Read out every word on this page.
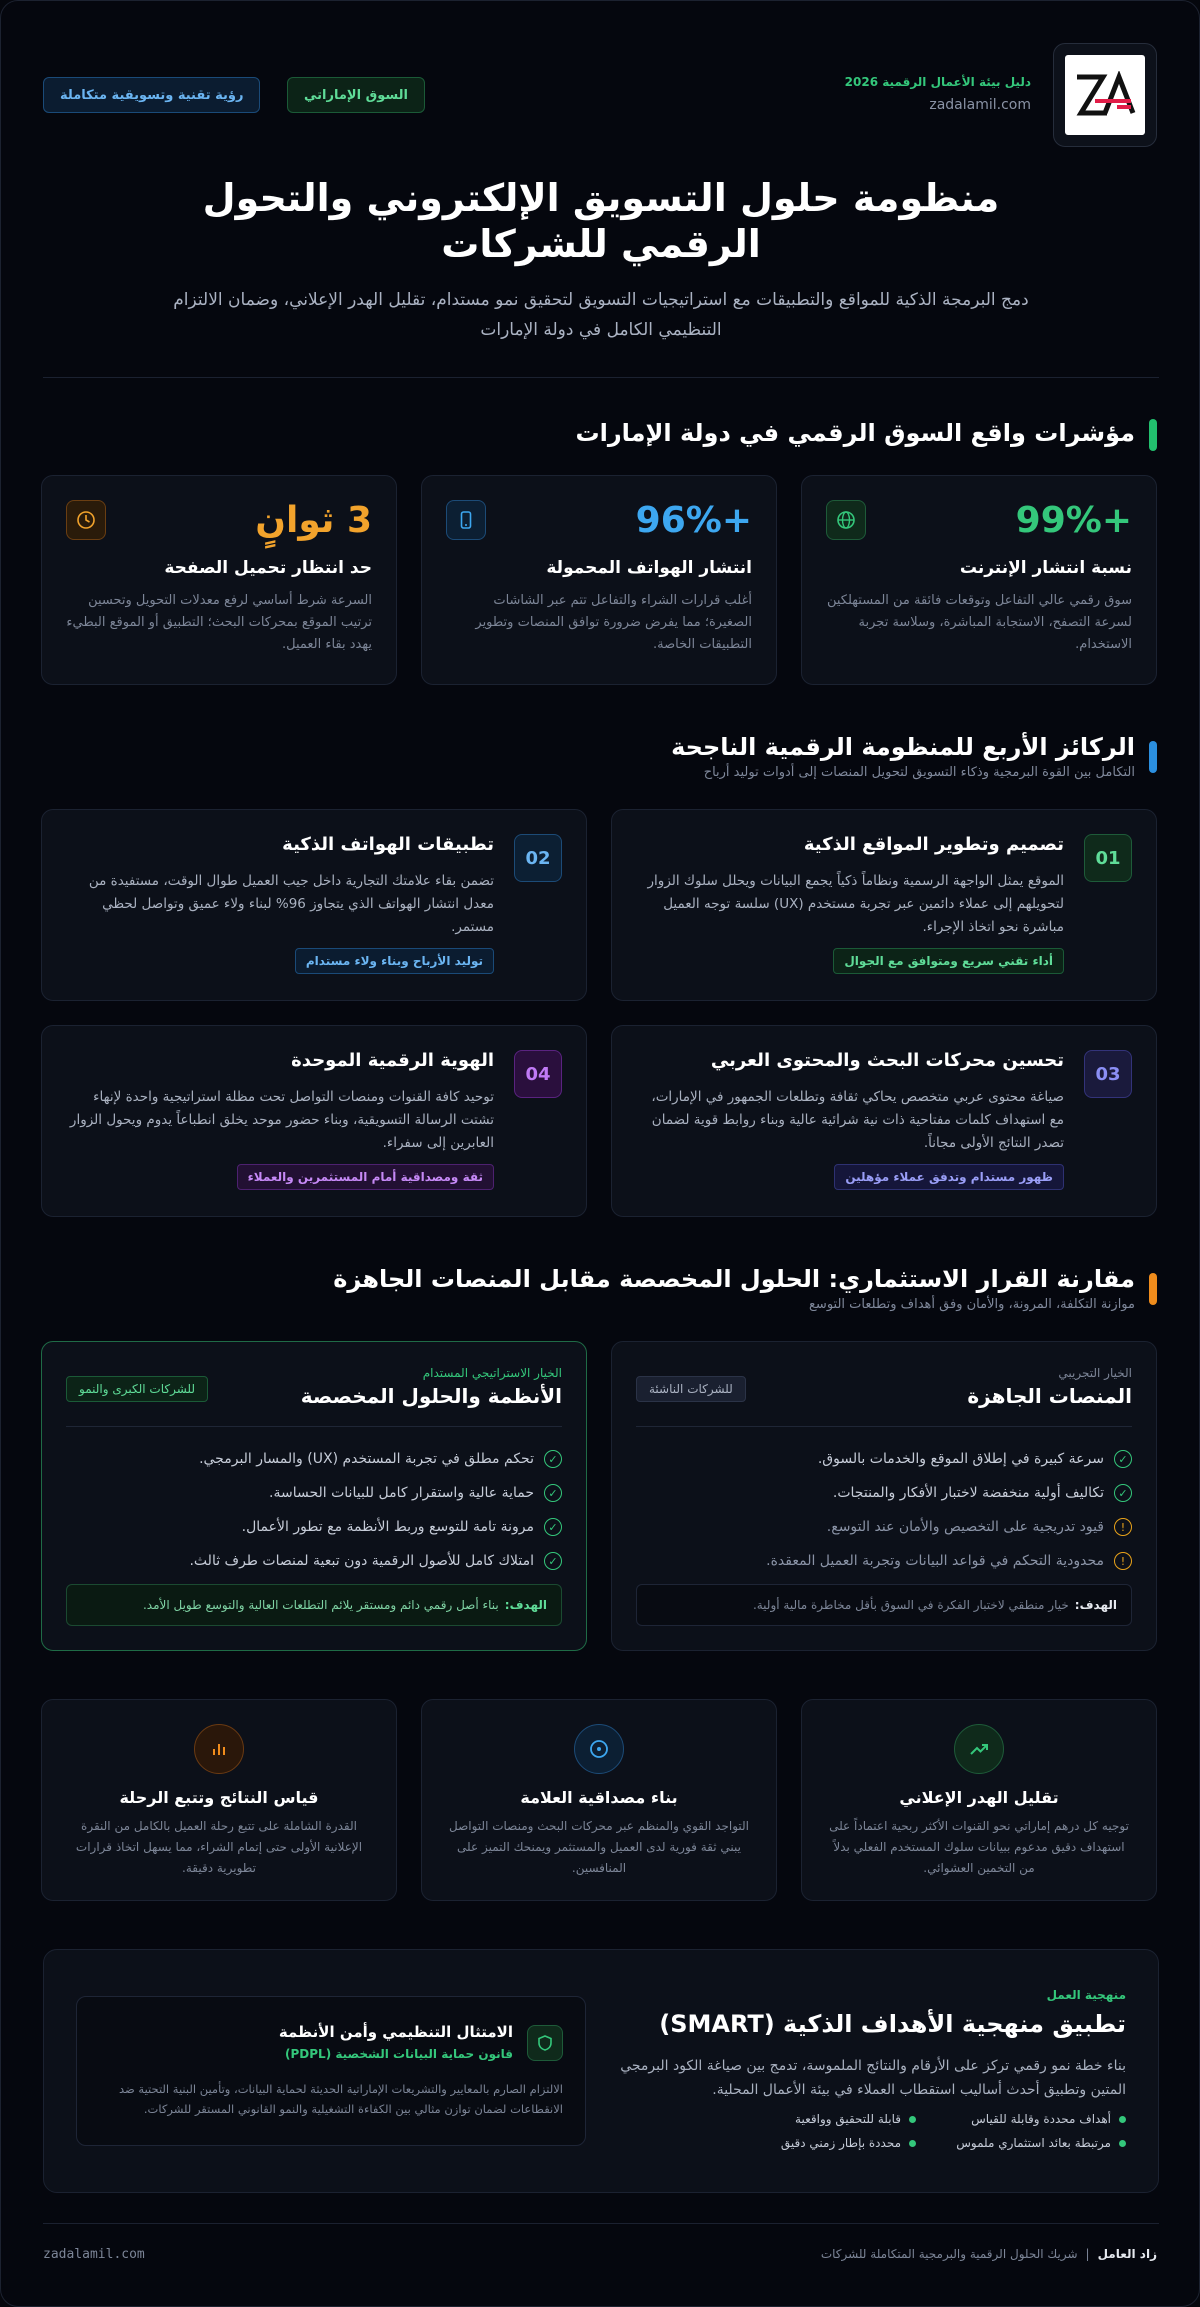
دليل بيئة الأعمال الرقمية 2026
zadalamil.com
السوق الإماراتي
رؤية تقنية وتسويقية متكاملة
منظومة حلول التسويق الإلكتروني والتحول الرقمي للشركات
دمج البرمجة الذكية للمواقع والتطبيقات مع استراتيجيات التسويق لتحقيق نمو مستدام، تقليل الهدر الإعلاني، وضمان الالتزام التنظيمي الكامل في دولة الإمارات
مؤشرات واقع السوق الرقمي في دولة الإمارات
+99%
نسبة انتشار الإنترنت
سوق رقمي عالي التفاعل وتوقعات فائقة من المستهلكين لسرعة التصفح، الاستجابة المباشرة، وسلاسة تجربة الاستخدام.
+96%
انتشار الهواتف المحمولة
أغلب قرارات الشراء والتفاعل تتم عبر الشاشات الصغيرة؛ مما يفرض ضرورة توافق المنصات وتطوير التطبيقات الخاصة.
3 ثوانٍ
حد انتظار تحميل الصفحة
السرعة شرط أساسي لرفع معدلات التحويل وتحسين ترتيب الموقع بمحركات البحث؛ التطبيق أو الموقع البطيء يهدد بقاء العميل.
الركائز الأربع للمنظومة الرقمية الناجحة
التكامل بين القوة البرمجية وذكاء التسويق لتحويل المنصات إلى أدوات توليد أرباح
01
تصميم وتطوير المواقع الذكية
الموقع يمثل الواجهة الرسمية ونظاماً ذكياً يجمع البيانات ويحلل سلوك الزوار لتحويلهم إلى عملاء دائمين عبر تجربة مستخدم (UX) سلسة توجه العميل مباشرة نحو اتخاذ الإجراء.
أداء تقني سريع ومتوافق مع الجوال
02
تطبيقات الهواتف الذكية
تضمن بقاء علامتك التجارية داخل جيب العميل طوال الوقت، مستفيدة من معدل انتشار الهواتف الذي يتجاوز 96% لبناء ولاء عميق وتواصل لحظي مستمر.
توليد الأرباح وبناء ولاء مستدام
03
تحسين محركات البحث والمحتوى العربي
صياغة محتوى عربي متخصص يحاكي ثقافة وتطلعات الجمهور في الإمارات، مع استهداف كلمات مفتاحية ذات نية شرائية عالية وبناء روابط قوية لضمان تصدر النتائج الأولى مجاناً.
ظهور مستدام وتدفق عملاء مؤهلين
04
الهوية الرقمية الموحدة
توحيد كافة القنوات ومنصات التواصل تحت مظلة استراتيجية واحدة لإنهاء تشتت الرسالة التسويقية، وبناء حضور موحد يخلق انطباعاً يدوم ويحول الزوار العابرين إلى سفراء.
ثقة ومصداقية أمام المستثمرين والعملاء
مقارنة القرار الاستثماري: الحلول المخصصة مقابل المنصات الجاهزة
موازنة التكلفة، المرونة، والأمان وفق أهداف وتطلعات التوسع
الخيار التجريبي
المنصات الجاهزة
للشركات الناشئة
✓
سرعة كبيرة في إطلاق الموقع والخدمات بالسوق.
✓
تكاليف أولية منخفضة لاختبار الأفكار والمنتجات.
!
قيود تدريجية على التخصيص والأمان عند التوسع.
!
محدودية التحكم في قواعد البيانات وتجربة العميل المعقدة.
الهدف:
خيار منطقي لاختبار الفكرة في السوق بأقل مخاطرة مالية أولية.
الخيار الاستراتيجي المستدام
الأنظمة والحلول المخصصة
للشركات الكبرى والنمو
✓
تحكم مطلق في تجربة المستخدم (UX) والمسار البرمجي.
✓
حماية عالية واستقرار كامل للبيانات الحساسة.
✓
مرونة تامة للتوسع وربط الأنظمة مع تطور الأعمال.
✓
امتلاك كامل للأصول الرقمية دون تبعية لمنصات طرف ثالث.
الهدف:
بناء أصل رقمي دائم ومستقر يلائم التطلعات العالية والتوسع طويل الأمد.
تقليل الهدر الإعلاني
توجيه كل درهم إماراتي نحو القنوات الأكثر ربحية اعتماداً على استهداف دقيق مدعوم ببيانات سلوك المستخدم الفعلي بدلاً من التخمين العشوائي.
بناء مصداقية العلامة
التواجد القوي والمنظم عبر محركات البحث ومنصات التواصل يبني ثقة فورية لدى العميل والمستثمر ويمنحك التميز على المنافسين.
قياس النتائج وتتبع الرحلة
القدرة الشاملة على تتبع رحلة العميل بالكامل من النقرة الإعلانية الأولى حتى إتمام الشراء، مما يسهل اتخاذ قرارات تطويرية دقيقة.
منهجية العمل
تطبيق منهجية الأهداف الذكية (SMART)
بناء خطة نمو رقمي تركز على الأرقام والنتائج الملموسة، تدمج بين صياغة الكود البرمجي المتين وتطبيق أحدث أساليب استقطاب العملاء في بيئة الأعمال المحلية.
أهداف محددة وقابلة للقياس
قابلة للتحقيق وواقعية
مرتبطة بعائد استثماري ملموس
محددة بإطار زمني دقيق
الامتثال التنظيمي وأمن الأنظمة
قانون حماية البيانات الشخصية (PDPL)
الالتزام الصارم بالمعايير والتشريعات الإماراتية الحديثة لحماية البيانات، وتأمين البنية التحتية ضد الانقطاعات لضمان توازن مثالي بين الكفاءة التشغيلية والنمو القانوني المستقر للشركات.
زاد العامل
|
شريك الحلول الرقمية والبرمجية المتكاملة للشركات
zadalamil.com
